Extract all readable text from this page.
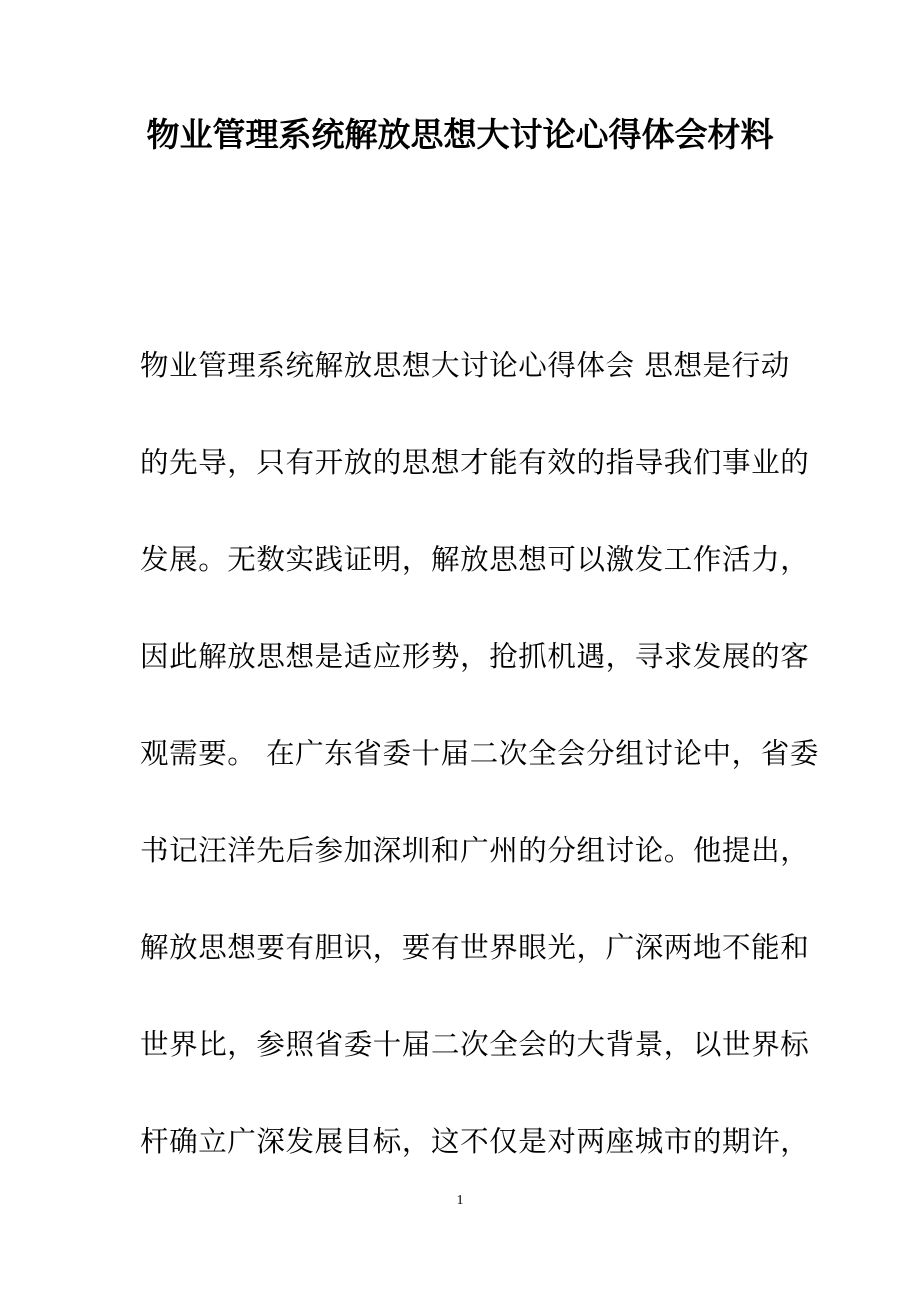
物业管理系统解放思想大讨论心得体会材料
物业管理系统解放思想大讨论心得体会 思想是行动
的先导，只有开放的思想才能有效的指导我们事业的
发展。无数实践证明，解放思想可以激发工作活力，
因此解放思想是适应形势，抢抓机遇，寻求发展的客
观需要。 在广东省委十届二次全会分组讨论中，省委
书记汪洋先后参加深圳和广州的分组讨论。他提出，
解放思想要有胆识，要有世界眼光，广深两地不能和
世界比，参照省委十届二次全会的大背景，以世界标
杆确立广深发展目标，这不仅是对两座城市的期许，
1
